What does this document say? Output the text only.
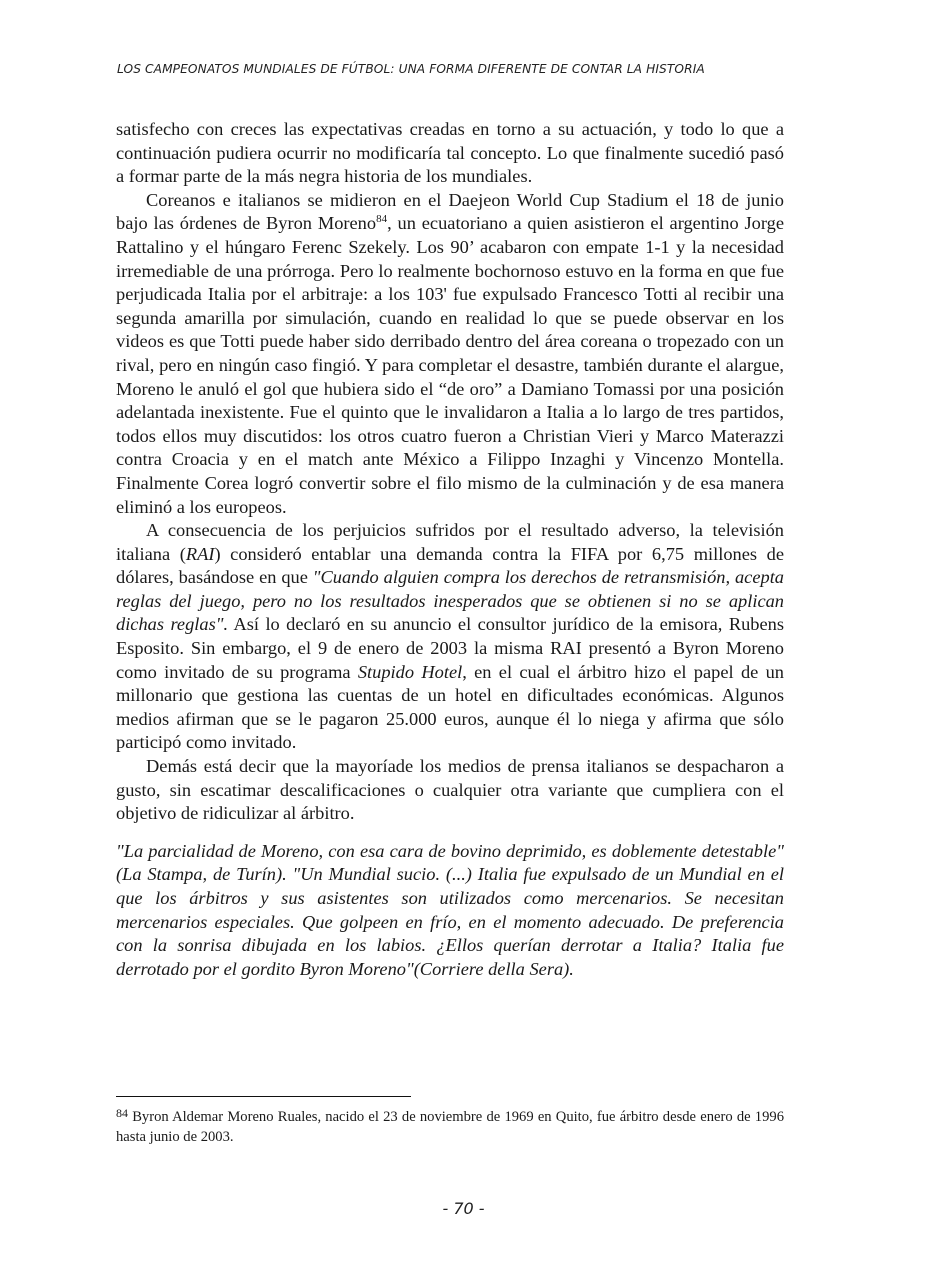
LOS CAMPEONATOS MUNDIALES DE FÚTBOL: UNA FORMA DIFERENTE DE CONTAR LA HISTORIA

satisfecho con creces las expectativas creadas en torno a su actuación, y todo lo que a continuación pudiera ocurrir no modificaría tal concepto. Lo que finalmente sucedió pasó a formar parte de la más negra historia de los mundiales.

Coreanos e italianos se midieron en el Daejeon World Cup Stadium el 18 de junio bajo las órdenes de Byron Moreno$^{84}$, un ecuatoriano a quien asistieron el argentino Jorge Rattalino y el húngaro Ferenc Szekely. Los 90’ acabaron con empate 1-1 y la necesidad irremediable de una prórroga. Pero lo realmente bochornoso estuvo en la forma en que fue perjudicada Italia por el arbitraje: a los 103' fue expulsado Francesco Totti al recibir una segunda amarilla por simulación, cuando en realidad lo que se puede observar en los videos es que Totti puede haber sido derribado dentro del área coreana o tropezado con un rival, pero en ningún caso fingió. Y para completar el desastre, también durante el alargue, Moreno le anuló el gol que hubiera sido el “de oro” a Damiano Tomassi por una posición adelantada inexistente. Fue el quinto que le invalidaron a Italia a lo largo de tres partidos, todos ellos muy discutidos: los otros cuatro fueron a Christian Vieri y Marco Materazzi contra Croacia y en el match ante México a Filippo Inzaghi y Vincenzo Montella. Finalmente Corea logró convertir sobre el filo mismo de la culminación y de esa manera eliminó a los europeos.

A consecuencia de los perjuicios sufridos por el resultado adverso, la televisión italiana (RAI) consideró entablar una demanda contra la FIFA por 6,75 millones de dólares, basándose en que "Cuando alguien compra los derechos de retransmisión, acepta reglas del juego, pero no los resultados inesperados que se obtienen si no se aplican dichas reglas". Así lo declaró en su anuncio el consultor jurídico de la emisora, Rubens Esposito. Sin embargo, el 9 de enero de 2003 la misma RAI presentó a Byron Moreno como invitado de su programa Stupido Hotel, en el cual el árbitro hizo el papel de un millonario que gestiona las cuentas de un hotel en dificultades económicas. Algunos medios afirman que se le pagaron 25.000 euros, aunque él lo niega y afirma que sólo participó como invitado.

Demás está decir que la mayoríade los medios de prensa italianos se despacharon a gusto, sin escatimar descalificaciones o cualquier otra variante que cumpliera con el objetivo de ridiculizar al árbitro.

"La parcialidad de Moreno, con esa cara de bovino deprimido, es doblemente detestable" (La Stampa, de Turín). "Un Mundial sucio. (...) Italia fue expulsado de un Mundial en el que los árbitros y sus asistentes son utilizados como mercenarios. Se necesitan mercenarios especiales. Que golpeen en frío, en el momento adecuado. De preferencia con la sonrisa dibujada en los labios. ¿Ellos querían derrotar a Italia? Italia fue derrotado por el gordito Byron Moreno"(Corriere della Sera).

$^{84}$ Byron Aldemar Moreno Ruales, nacido el 23 de noviembre de 1969 en Quito, fue árbitro desde enero de 1996 hasta junio de 2003.
- 70 -
